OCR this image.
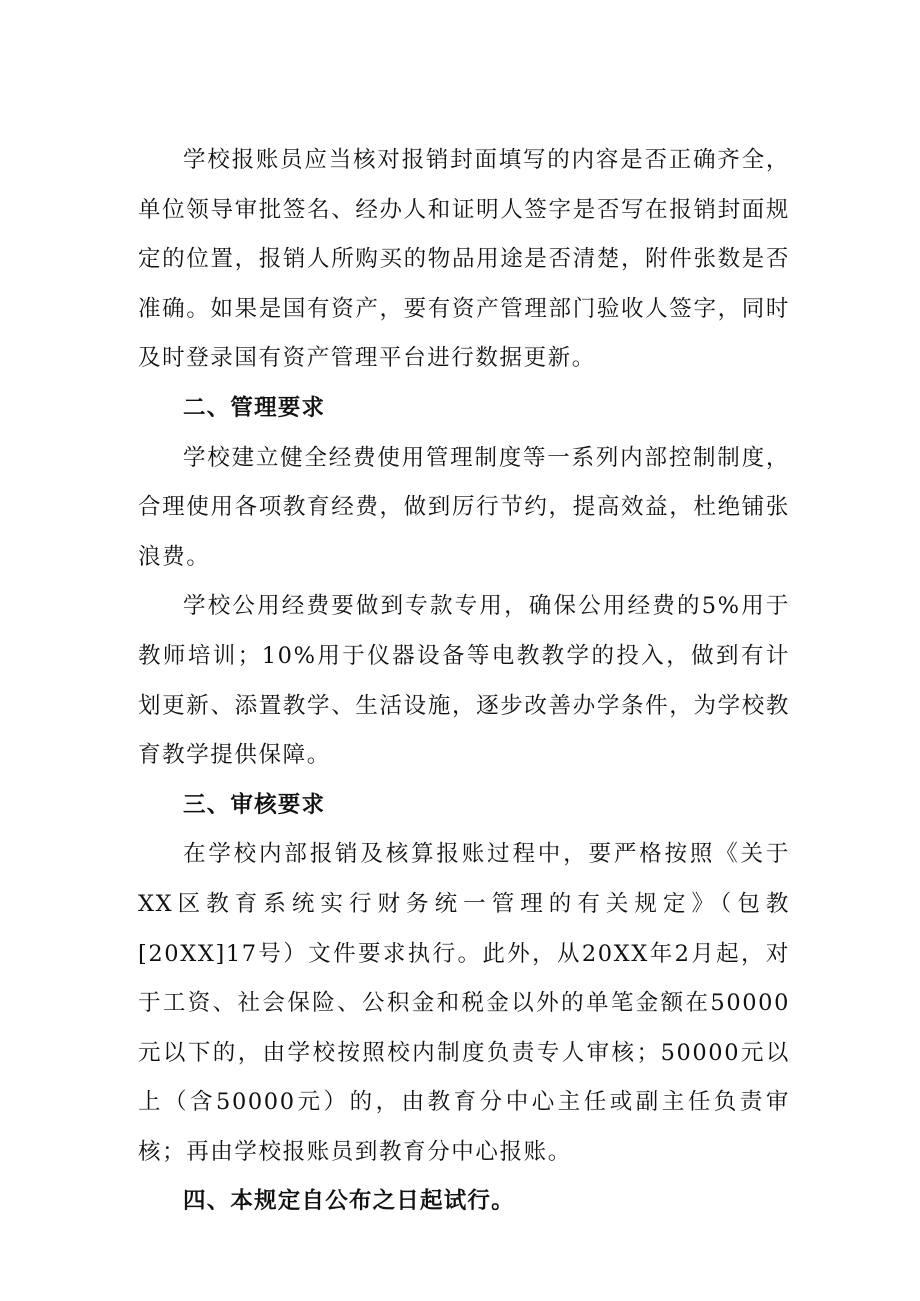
学校报账员应当核对报销封面填写的内容是否正确齐全，单位领导审批签名、经办人和证明人签字是否写在报销封面规定的位置，报销人所购买的物品用途是否清楚，附件张数是否准确。如果是国有资产，要有资产管理部门验收人签字，同时及时登录国有资产管理平台进行数据更新。

二、管理要求

学校建立健全经费使用管理制度等一系列内部控制制度，合理使用各项教育经费，做到厉行节约，提高效益，杜绝铺张浪费。

学校公用经费要做到专款专用，确保公用经费的5%用于教师培训；10%用于仪器设备等电教教学的投入，做到有计划更新、添置教学、生活设施，逐步改善办学条件，为学校教育教学提供保障。

三、审核要求

在学校内部报销及核算报账过程中，要严格按照《关于XX区教育系统实行财务统一管理的有关规定》（包教[20XX]17号）文件要求执行。此外，从20XX年2月起，对于工资、社会保险、公积金和税金以外的单笔金额在50000元以下的，由学校按照校内制度负责专人审核；50000元以上（含50000元）的，由教育分中心主任或副主任负责审核；再由学校报账员到教育分中心报账。

四、本规定自公布之日起试行。
